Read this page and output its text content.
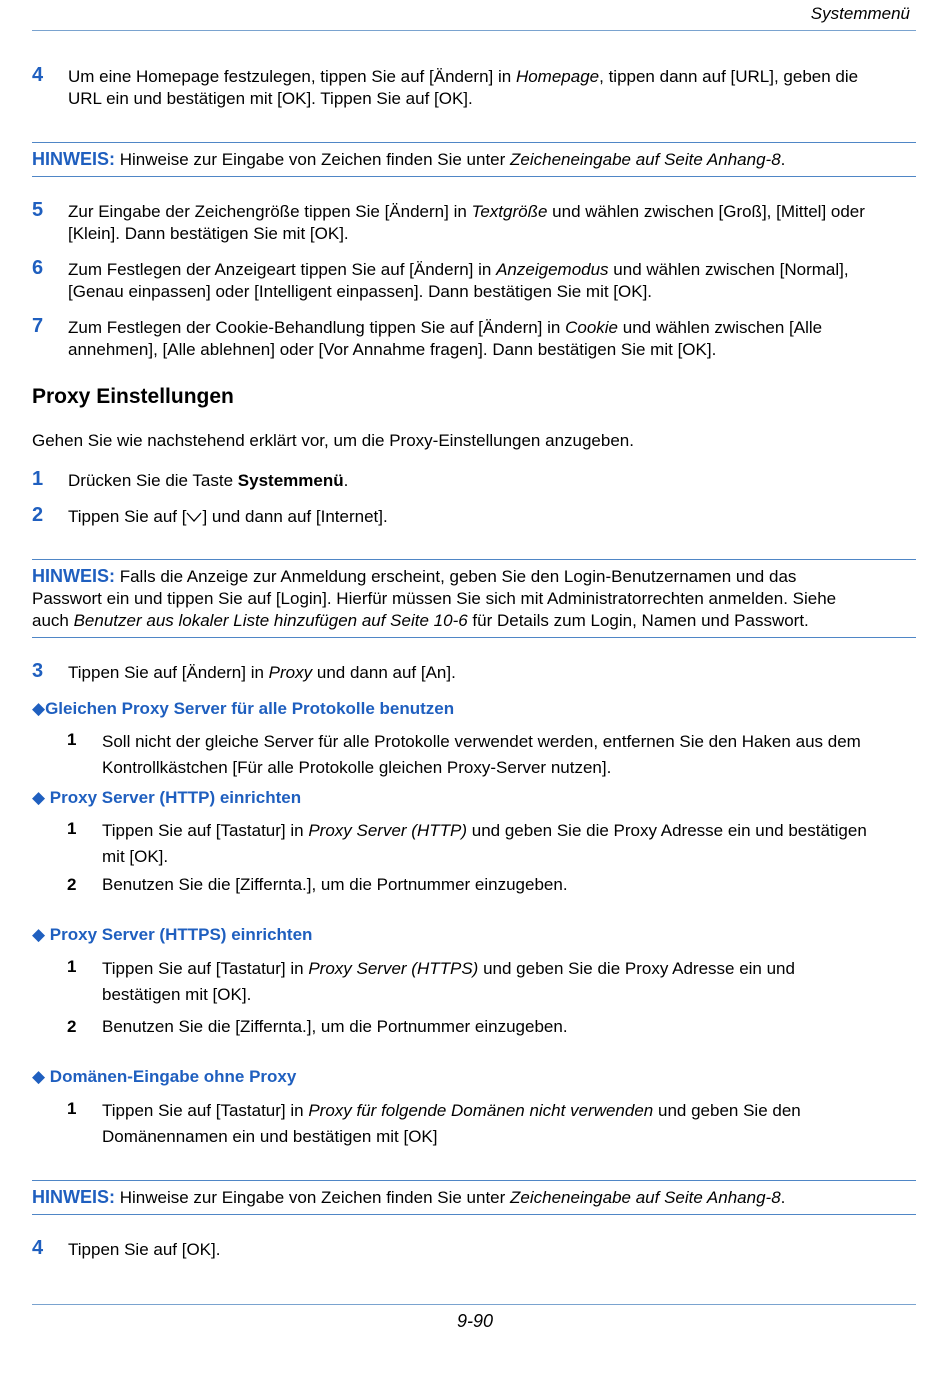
Systemmenü
4 Um eine Homepage festzulegen, tippen Sie auf [Ändern] in Homepage, tippen dann auf [URL], geben die
URL ein und bestätigen mit [OK]. Tippen Sie auf [OK].
HINWEIS: Hinweise zur Eingabe von Zeichen finden Sie unter Zeicheneingabe auf Seite Anhang-8.
5 Zur Eingabe der Zeichengröße tippen Sie [Ändern] in Textgröße und wählen zwischen [Groß], [Mittel] oder
[Klein]. Dann bestätigen Sie mit [OK].
6 Zum Festlegen der Anzeigeart tippen Sie auf [Ändern] in Anzeigemodus und wählen zwischen [Normal],
[Genau einpassen] oder [Intelligent einpassen]. Dann bestätigen Sie mit [OK].
7 Zum Festlegen der Cookie-Behandlung tippen Sie auf [Ändern] in Cookie und wählen zwischen [Alle
annehmen], [Alle ablehnen] oder [Vor Annahme fragen]. Dann bestätigen Sie mit [OK].
Proxy Einstellungen
Gehen Sie wie nachstehend erklärt vor, um die Proxy-Einstellungen anzugeben.
1 Drücken Sie die Taste Systemmenü.
2 Tippen Sie auf [ ] und dann auf [Internet].
HINWEIS: Falls die Anzeige zur Anmeldung erscheint, geben Sie den Login-Benutzernamen und das
Passwort ein und tippen Sie auf [Login]. Hierfür müssen Sie sich mit Administratorrechten anmelden. Siehe
auch Benutzer aus lokaler Liste hinzufügen auf Seite 10-6 für Details zum Login, Namen und Passwort.
3 Tippen Sie auf [Ändern] in Proxy und dann auf [An].
◆Gleichen Proxy Server für alle Protokolle benutzen
1 Soll nicht der gleiche Server für alle Protokolle verwendet werden, entfernen Sie den Haken aus dem
Kontrollkästchen [Für alle Protokolle gleichen Proxy-Server nutzen].
◆ Proxy Server (HTTP) einrichten
1 Tippen Sie auf [Tastatur] in Proxy Server (HTTP) und geben Sie die Proxy Adresse ein und bestätigen
mit [OK].
2 Benutzen Sie die [Ziffernta.], um die Portnummer einzugeben.
◆ Proxy Server (HTTPS) einrichten
1 Tippen Sie auf [Tastatur] in Proxy Server (HTTPS) und geben Sie die Proxy Adresse ein und
bestätigen mit [OK].
2 Benutzen Sie die [Ziffernta.], um die Portnummer einzugeben.
◆ Domänen-Eingabe ohne Proxy
1 Tippen Sie auf [Tastatur] in Proxy für folgende Domänen nicht verwenden und geben Sie den
Domänennamen ein und bestätigen mit [OK]
HINWEIS: Hinweise zur Eingabe von Zeichen finden Sie unter Zeicheneingabe auf Seite Anhang-8.
4 Tippen Sie auf [OK].
9-90
